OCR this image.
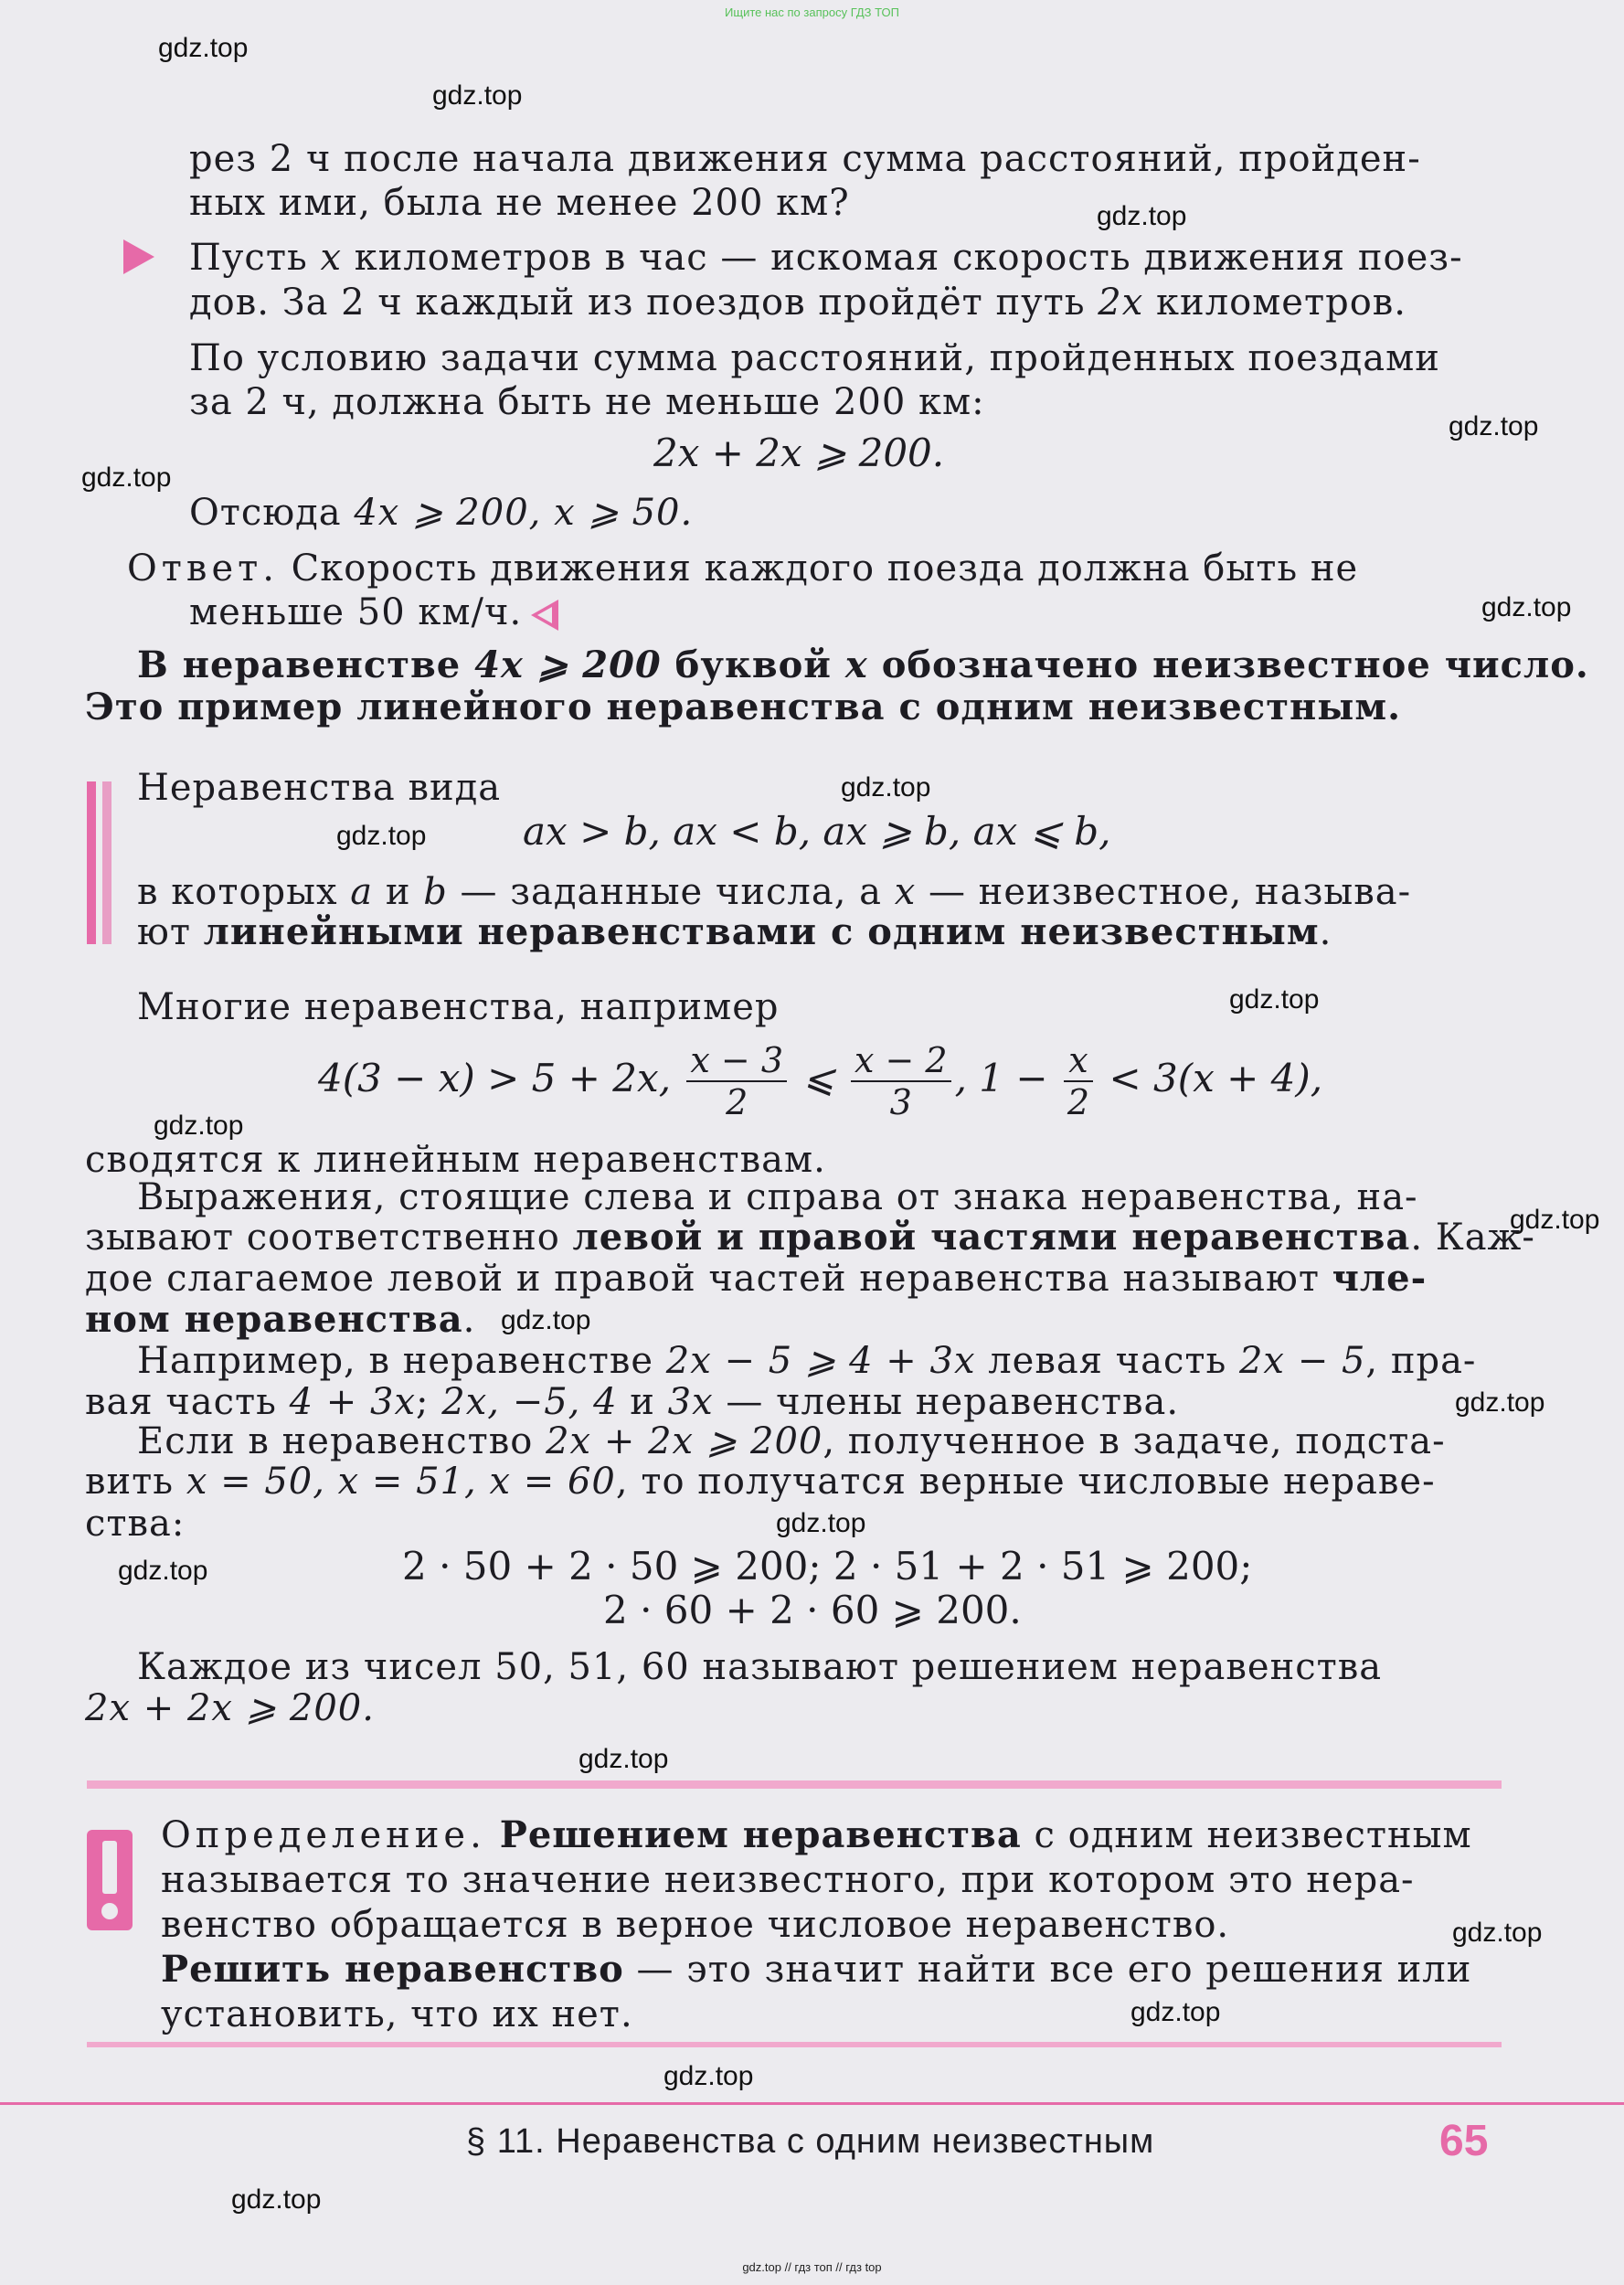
Ищите нас по запросу ГДЗ ТОП
gdz.top
gdz.top
gdz.top
gdz.top
gdz.top
gdz.top
gdz.top
gdz.top
gdz.top
gdz.top
gdz.top
gdz.top
gdz.top
gdz.top
gdz.top
gdz.top
gdz.top
gdz.top
gdz.top
gdz.top
рез 2 ч после начала движения сумма расстояний, пройден-
ных ими, была не менее 200 км?
Пусть x километров в час — искомая скорость движения поез-
дов. За 2 ч каждый из поездов пройдёт путь 2x километров.
По условию задачи сумма расстояний, пройденных поездами
за 2 ч, должна быть не меньше 200 км:
2x + 2x ⩾ 200.
Отсюда 4x ⩾ 200, x ⩾ 50.
Ответ. Скорость движения каждого поезда должна быть не
меньше 50 км/ч.
В неравенстве 4x ⩾ 200 буквой x обозначено неизвестное число.
Это пример линейного неравенства с одним неизвестным.
Неравенства вида
ax > b, ax < b, ax ⩾ b, ax ⩽ b,
в которых a и b — заданные числа, а x — неизвестное, называ-
ют линейными неравенствами с одним неизвестным.
Многие неравенства, например
4(3 − x) > 5 + 2x, $\frac{x - 3}{2}$ ⩽ $\frac{x - 2}{3}$ , $1 - \frac{x}{2} < 3(x + 4)$,
сводятся к линейным неравенствам.
Выражения, стоящие слева и справа от знака неравенства, на-
зывают соответственно левой и правой частями неравенства. Каж-
дое слагаемое левой и правой частей неравенства называют чле-
ном неравенства.
Например, в неравенстве 2x − 5 ⩾ 4 + 3x левая часть 2x − 5, пра-
вая часть 4 + 3x; 2x, −5, 4 и 3x — члены неравенства.
Если в неравенство 2x + 2x ⩾ 200, полученное в задаче, подста-
вить x = 50, x = 51, x = 60, то получатся верные числовые нераве-
ства:
2 · 50 + 2 · 50 ⩾ 200; 2 · 51 + 2 · 51 ⩾ 200;
2 · 60 + 2 · 60 ⩾ 200.
Каждое из чисел 50, 51, 60 называют решением неравенства
2x + 2x ⩾ 200.
Определение. Решением неравенства с одним неизвестным
называется то значение неизвестного, при котором это нера-
венство обращается в верное числовое неравенство.
Решить неравенство — это значит найти все его решения или
установить, что их нет.
§ 11. Неравенства с одним неизвестным	65
gdz.top // гдз топ // гдз top
